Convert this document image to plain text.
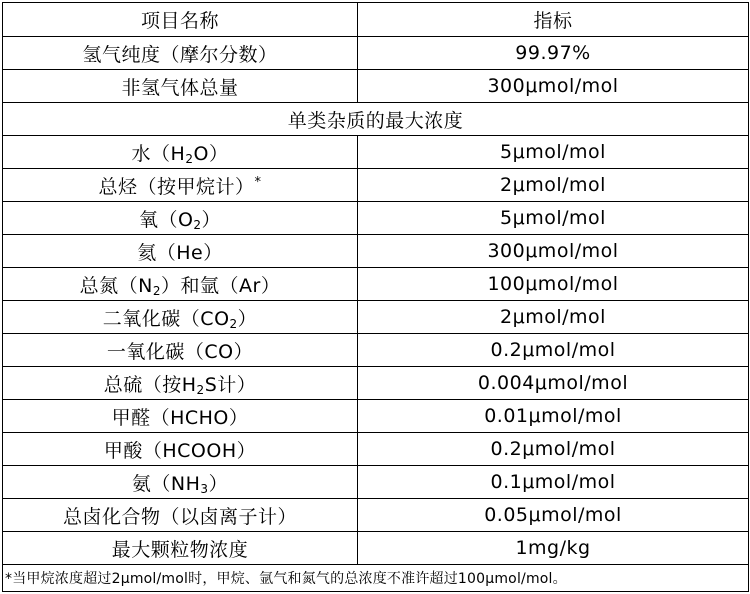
项目名称	指标
氢气纯度（摩尔分数）	99.97%
非氢气体总量	300μmol/mol
单类杂质的最大浓度	
水$(H_2O)$	5μmol/mol
总烃（按甲烷计）*	2μmol/mol
氧$(O_2)$	5μmol/mol
氦（He）	300μmol/mol
总氮$(N_2)$和氩（Ar）	100μmol/mol
二氧化碳$(CO_2)$	2μmol/mol
一氧化碳（CO）	0.2μmol/mol
总硫（按$H_2S$计）	0.004μmol/mol
甲醛（HCHO）	0.01μmol/mol
甲酸（HCOOH）	0.2μmol/mol
氨$(NH_3)$	0.1μmol/mol
总卤化合物（以卤离子计）	0.05μmol/mol
最大颗粒物浓度	1mg/kg
*当甲烷浓度超过2μmol/mol时，甲烷、氩气和氮气的总浓度不准许超过100μmol/mol。	
